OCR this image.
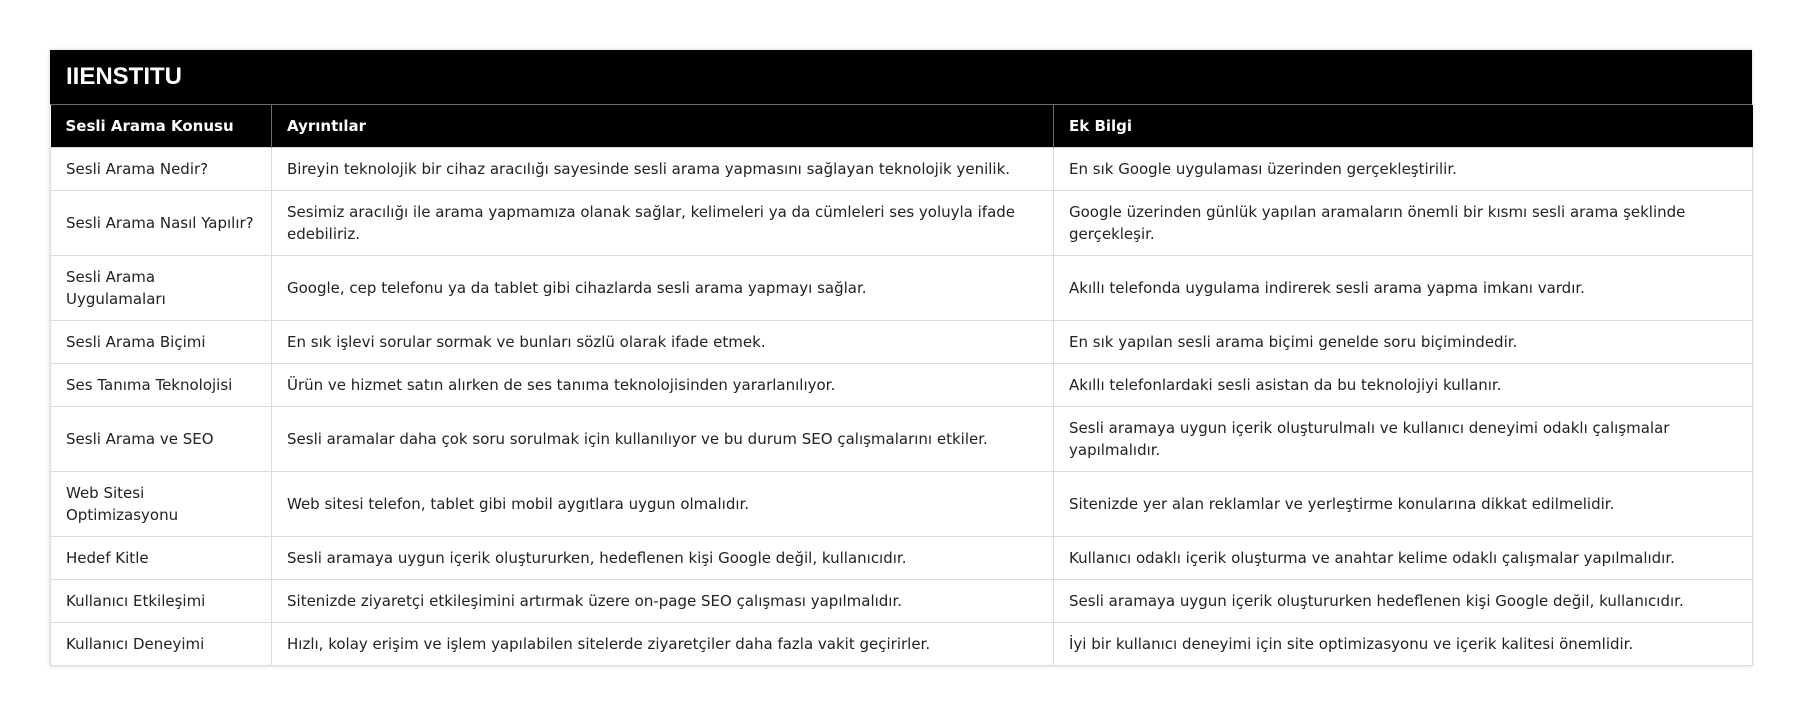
IIENSTITU
Sesli Arama Konusu	Ayrıntılar	Ek Bilgi
Sesli Arama Nedir?	Bireyin teknolojik bir cihaz aracılığı sayesinde sesli arama yapmasını sağlayan teknolojik yenilik.	En sık Google uygulaması üzerinden gerçekleştirilir.
Sesli Arama Nasıl Yapılır?	Sesimiz aracılığı ile arama yapmamıza olanak sağlar, kelimeleri ya da cümleleri ses yoluyla ifade edebiliriz.	Google üzerinden günlük yapılan aramaların önemli bir kısmı sesli arama şeklinde gerçekleşir.
Sesli Arama Uygulamaları	Google, cep telefonu ya da tablet gibi cihazlarda sesli arama yapmayı sağlar.	Akıllı telefonda uygulama indirerek sesli arama yapma imkanı vardır.
Sesli Arama Biçimi	En sık işlevi sorular sormak ve bunları sözlü olarak ifade etmek.	En sık yapılan sesli arama biçimi genelde soru biçimindedir.
Ses Tanıma Teknolojisi	Ürün ve hizmet satın alırken de ses tanıma teknolojisinden yararlanılıyor.	Akıllı telefonlardaki sesli asistan da bu teknolojiyi kullanır.
Sesli Arama ve SEO	Sesli aramalar daha çok soru sorulmak için kullanılıyor ve bu durum SEO çalışmalarını etkiler.	Sesli aramaya uygun içerik oluşturulmalı ve kullanıcı deneyimi odaklı çalışmalar yapılmalıdır.
Web Sitesi Optimizasyonu	Web sitesi telefon, tablet gibi mobil aygıtlara uygun olmalıdır.	Sitenizde yer alan reklamlar ve yerleştirme konularına dikkat edilmelidir.
Hedef Kitle	Sesli aramaya uygun içerik oluştururken, hedeflenen kişi Google değil, kullanıcıdır.	Kullanıcı odaklı içerik oluşturma ve anahtar kelime odaklı çalışmalar yapılmalıdır.
Kullanıcı Etkileşimi	Sitenizde ziyaretçi etkileşimini artırmak üzere on-page SEO çalışması yapılmalıdır.	Sesli aramaya uygun içerik oluştururken hedeflenen kişi Google değil, kullanıcıdır.
Kullanıcı Deneyimi	Hızlı, kolay erişim ve işlem yapılabilen sitelerde ziyaretçiler daha fazla vakit geçirirler.	İyi bir kullanıcı deneyimi için site optimizasyonu ve içerik kalitesi önemlidir.
